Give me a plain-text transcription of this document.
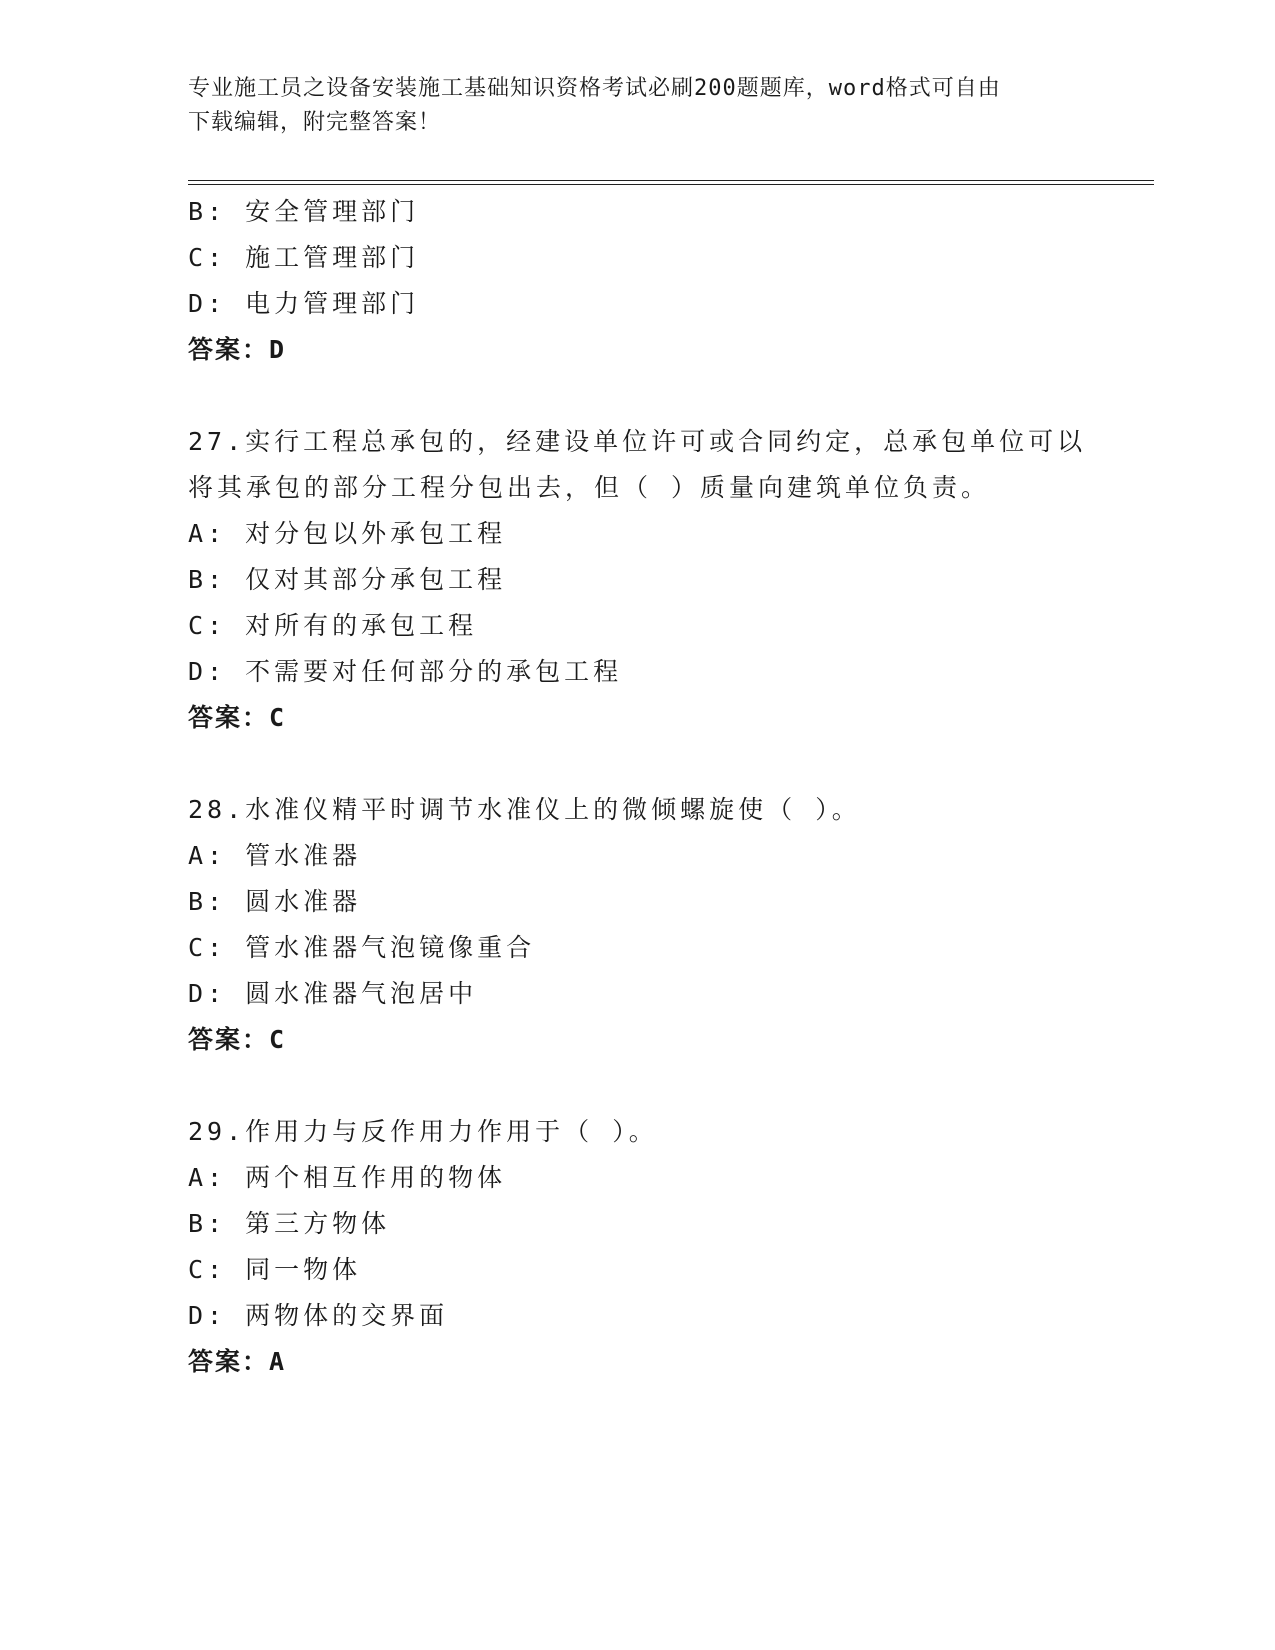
专业施工员之设备安装施工基础知识资格考试必刷200题题库，word格式可自由
下载编辑，附完整答案！
B: 安全管理部门
C: 施工管理部门
D: 电力管理部门
答案：D
27.实行工程总承包的，经建设单位许可或合同约定，总承包单位可以
将其承包的部分工程分包出去，但（ ）质量向建筑单位负责。
A: 对分包以外承包工程
B: 仅对其部分承包工程
C: 对所有的承包工程
D: 不需要对任何部分的承包工程
答案：C
28.水准仪精平时调节水准仪上的微倾螺旋使（ ）。
A: 管水准器
B: 圆水准器
C: 管水准器气泡镜像重合
D: 圆水准器气泡居中
答案：C
29.作用力与反作用力作用于（ ）。
A: 两个相互作用的物体
B: 第三方物体
C: 同一物体
D: 两物体的交界面
答案：A
